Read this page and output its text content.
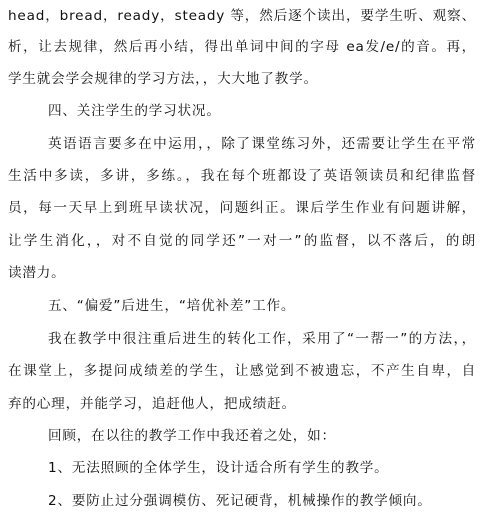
head，bread，ready，steady 等，然后逐个读出，要学生听、观察、
析，让去规律，然后再小结，得出单词中间的字母 ea发/e/的音。再，
学生就会学会规律的学习方法，，大大地了教学。
四、关注学生的学习状况。
英语语言要多在中运用，，除了课堂练习外，还需要让学生在平常
生活中多读，多讲，多练。，我在每个班都设了英语领读员和纪律监督
员，每一天早上到班早读状况，问题纠正。课后学生作业有问题讲解，
让学生消化，，对不自觉的同学还”一对一”的监督，以不落后，的朗
读潜力。
五、“偏爱”后进生，“培优补差”工作。
我在教学中很注重后进生的转化工作，采用了“一帮一”的方法，，
在课堂上，多提问成绩差的学生，让感觉到不被遗忘，不产生自卑，自
弃的心理，并能学习，追赶他人，把成绩赶。
回顾，在以往的教学工作中我还着之处，如：
1、无法照顾的全体学生，设计适合所有学生的教学。
2、要防止过分强调模仿、死记硬背，机械操作的教学倾向。
